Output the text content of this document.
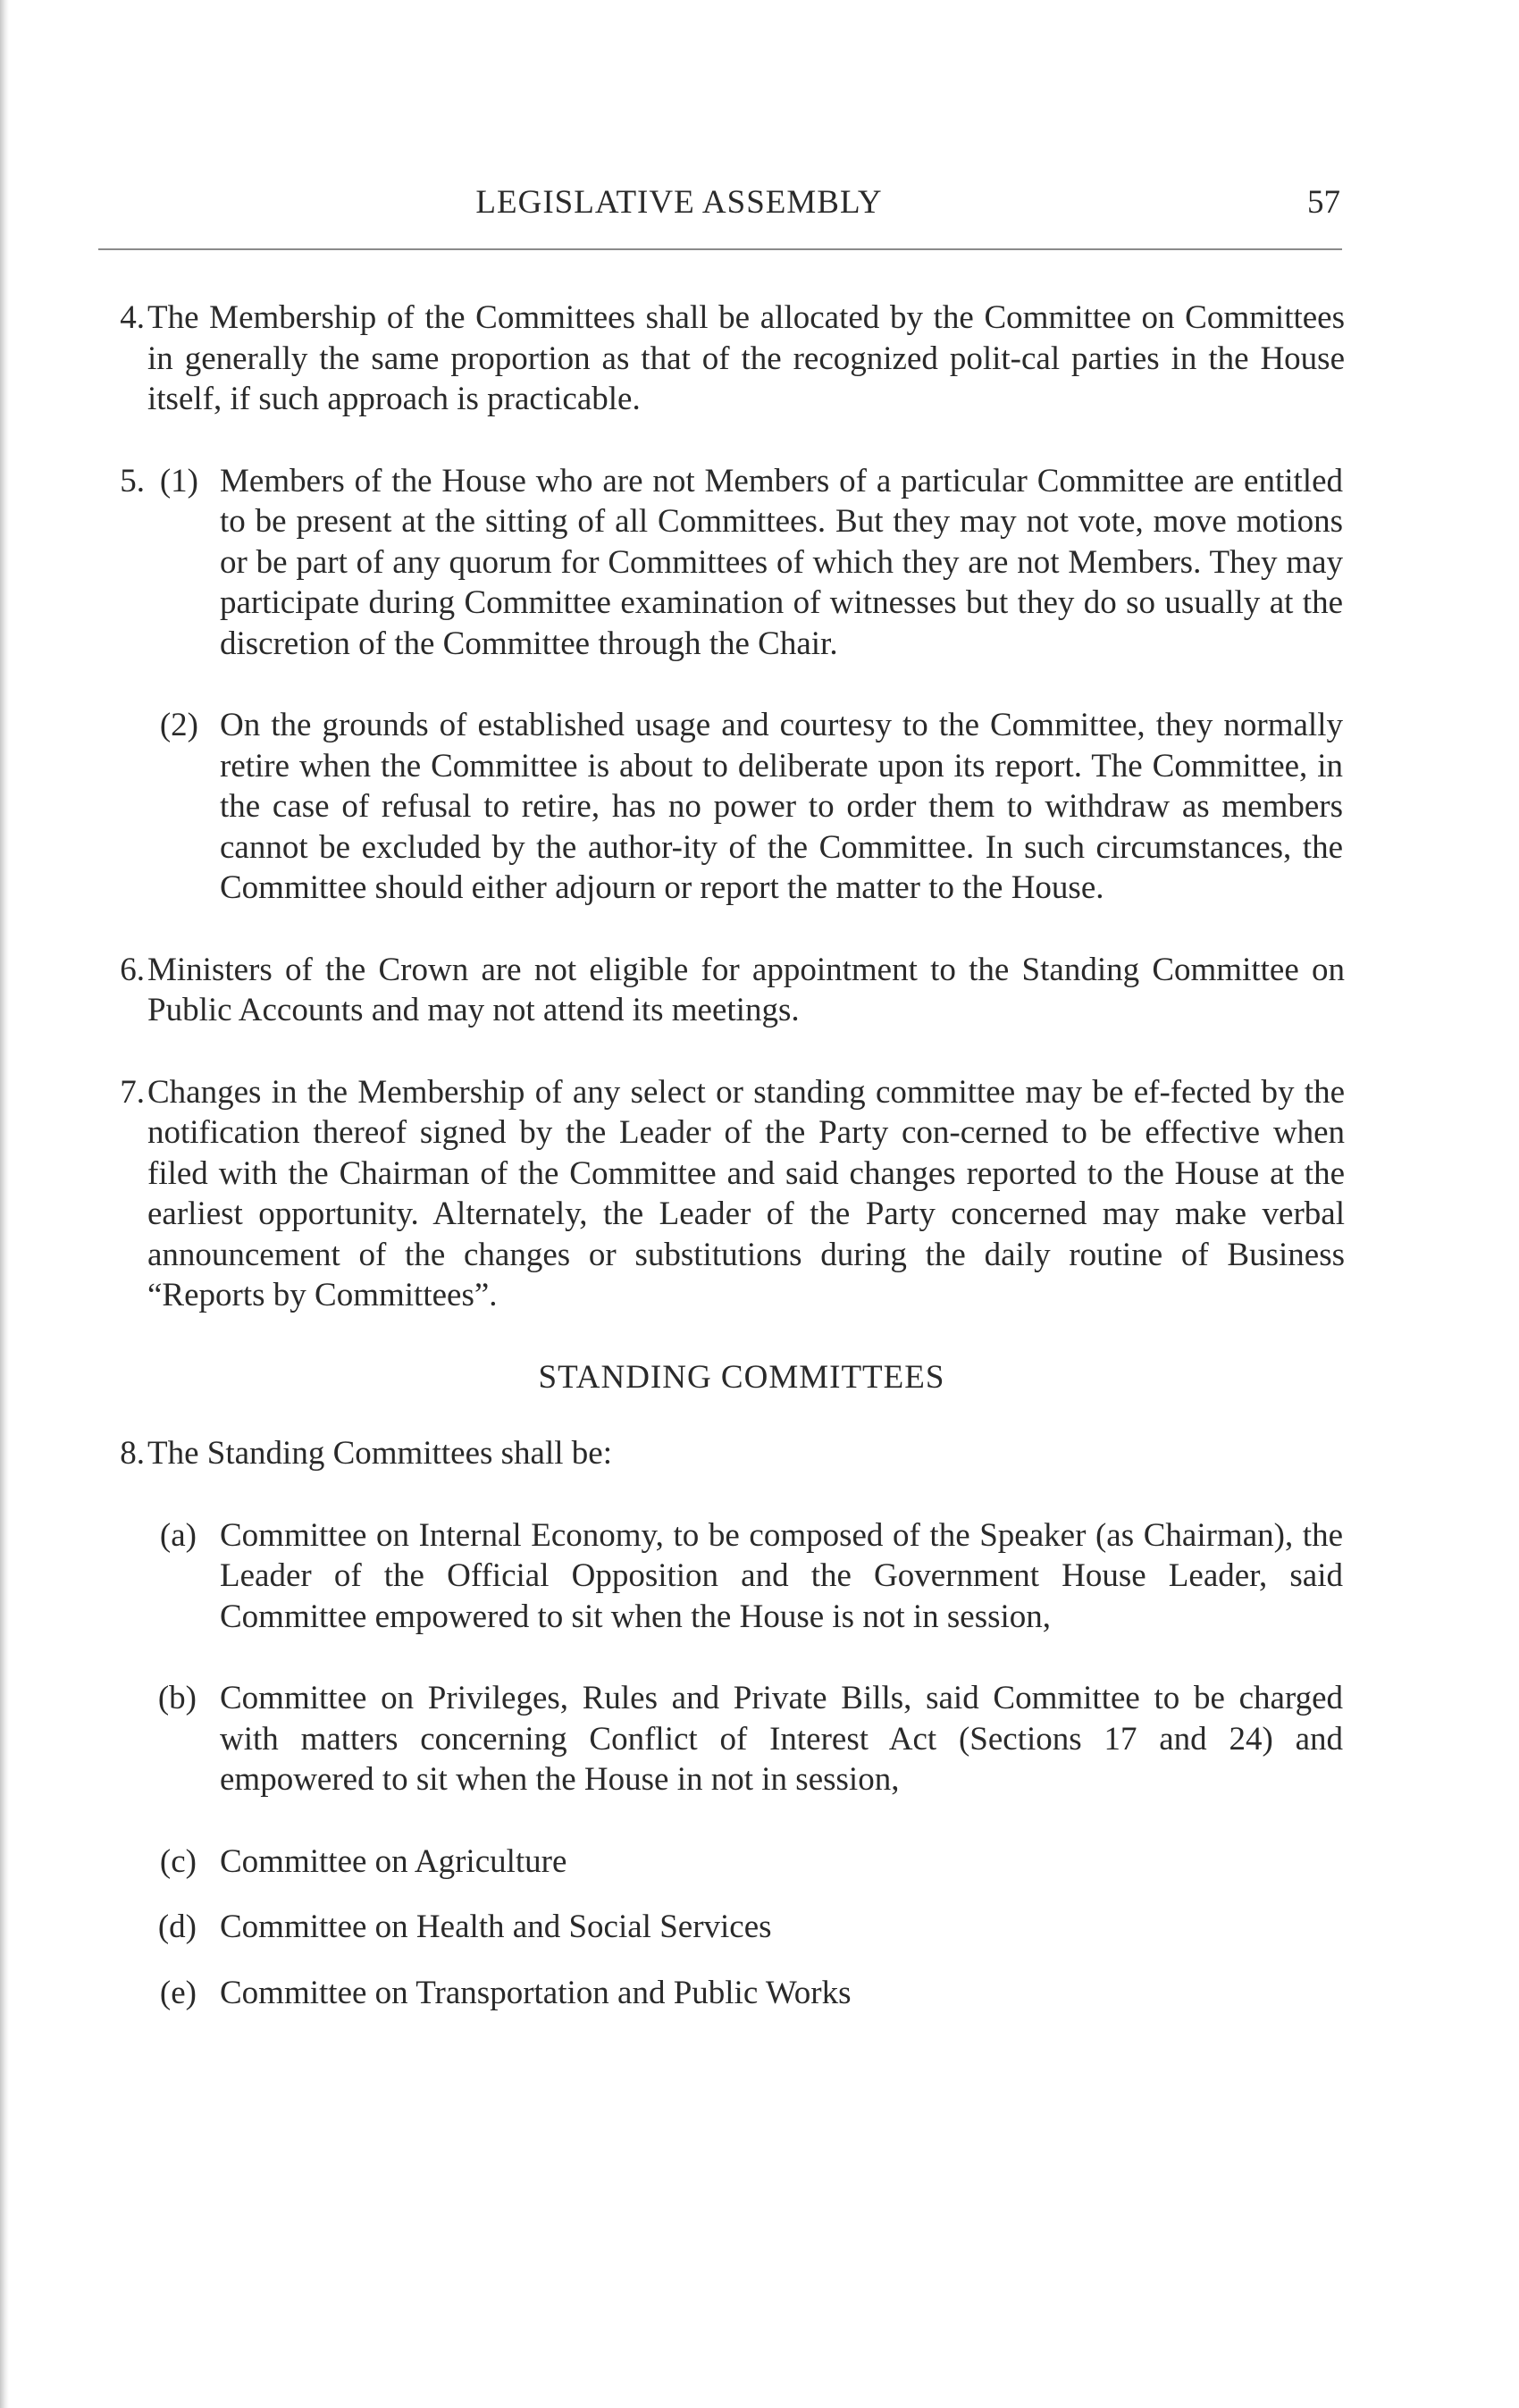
LEGISLATIVE ASSEMBLY	57
4. The Membership of the Committees shall be allocated by the Committee on Committees in generally the same proportion as that of the recognized polit-cal parties in the House itself, if such approach is practicable.
5. (1) Members of the House who are not Members of a particular Committee are entitled to be present at the sitting of all Committees. But they may not vote, move motions or be part of any quorum for Committees of which they are not Members. They may participate during Committee examination of witnesses but they do so usually at the discretion of the Committee through the Chair.
(2) On the grounds of established usage and courtesy to the Committee, they normally retire when the Committee is about to deliberate upon its report. The Committee, in the case of refusal to retire, has no power to order them to withdraw as members cannot be excluded by the author-ity of the Committee. In such circumstances, the Committee should either adjourn or report the matter to the House.
6. Ministers of the Crown are not eligible for appointment to the Standing Committee on Public Accounts and may not attend its meetings.
7. Changes in the Membership of any select or standing committee may be ef-fected by the notification thereof signed by the Leader of the Party con-cerned to be effective when filed with the Chairman of the Committee and said changes reported to the House at the earliest opportunity. Alternately, the Leader of the Party concerned may make verbal announcement of the changes or substitutions during the daily routine of Business “Reports by Committees”.
STANDING COMMITTEES
8. The Standing Committees shall be:
(a) Committee on Internal Economy, to be composed of the Speaker (as Chairman), the Leader of the Official Opposition and the Government House Leader, said Committee empowered to sit when the House is not in session,
(b) Committee on Privileges, Rules and Private Bills, said Committee to be charged with matters concerning Conflict of Interest Act (Sections 17 and 24) and empowered to sit when the House in not in session,
(c) Committee on Agriculture
(d) Committee on Health and Social Services
(e) Committee on Transportation and Public Works
